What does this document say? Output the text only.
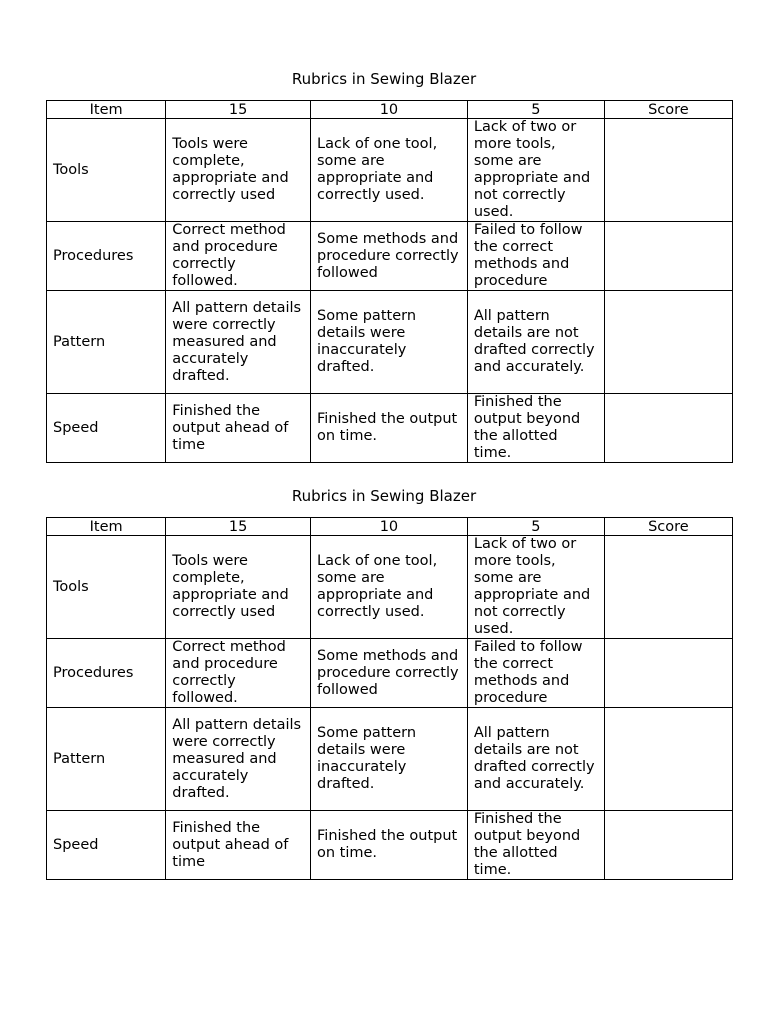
Rubrics in Sewing Blazer
Item	15	10	5	Score
Tools	Tools were complete, appropriate and correctly used	Lack of one tool, some are appropriate and correctly used.	Lack of two or more tools, some are appropriate and not correctly used.	
Procedures	Correct method and procedure correctly followed.	Some methods and procedure correctly followed	Failed to follow the correct methods and procedure	
Pattern	All pattern details were correctly measured and accurately drafted.	Some pattern details were inaccurately drafted.	All pattern details are not drafted correctly and accurately.	
Speed	Finished the output ahead of time	Finished the output on time.	Finished the output beyond the allotted time.	
Rubrics in Sewing Blazer
Item	15	10	5	Score
Tools	Tools were complete, appropriate and correctly used	Lack of one tool, some are appropriate and correctly used.	Lack of two or more tools, some are appropriate and not correctly used.	
Procedures	Correct method and procedure correctly followed.	Some methods and procedure correctly followed	Failed to follow the correct methods and procedure	
Pattern	All pattern details were correctly measured and accurately drafted.	Some pattern details were inaccurately drafted.	All pattern details are not drafted correctly and accurately.	
Speed	Finished the output ahead of time	Finished the output on time.	Finished the output beyond the allotted time.	
